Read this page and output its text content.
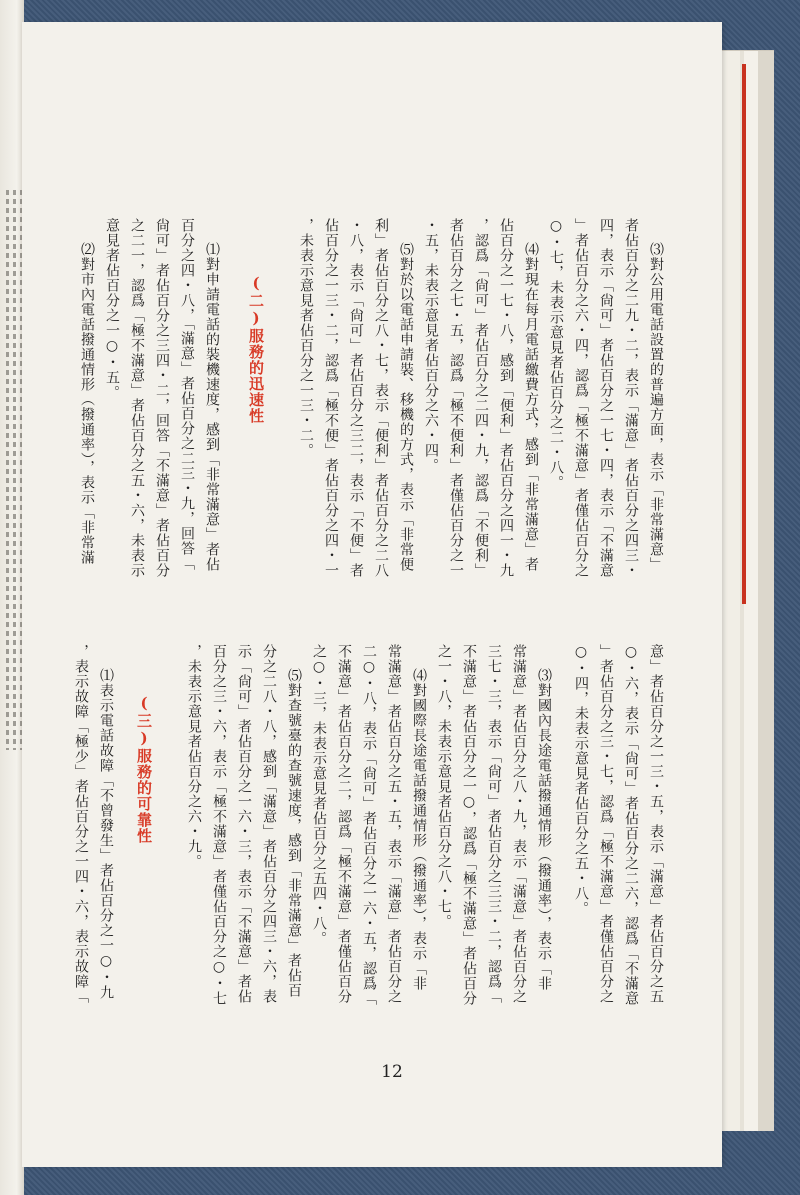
⑶對公用電話設置的普遍方面，表示「非常滿意」
者佔百分之二九・二，表示「滿意」者佔百分之四三・
四，表示「尙可」者佔百分之一七・四，表示「不滿意
」者佔百分之六・四，認爲「極不滿意」者僅佔百分之
○・七，未表示意見者佔百分之二・八。
⑷對現在每月電話繳費方式，感到「非常滿意」者
佔百分之一七・八，感到「便利」者佔百分之四一・九
，認爲「尙可」者佔百分之二四・九，認爲「不便利」
者佔百分之七・五，認爲「極不便利」者僅佔百分之一
・五，未表示意見者佔百分之六・四。
⑸對於以電話申請裝、移機的方式，表示「非常便
利」者佔百分之八・七，表示「便利」者佔百分之二八
・八，表示「尙可」者佔百分之三二，表示「不便」者
佔百分之一三・二，認爲「極不便」者佔百分之四・一
，未表示意見者佔百分之一三・二。
(二)服務的迅速性
⑴對申請電話的裝機速度，感到「非常滿意」者佔
百分之四・八，「滿意」者佔百分之二三・九，回答「
尙可」者佔百分之三四・二，回答「不滿意」者佔百分
之二一，認爲「極不滿意」者佔百分之五・六，未表示
意見者佔百分之一○・五。
⑵對市內電話撥通情形（撥通率），表示「非常滿
意」者佔百分之一三・五，表示「滿意」者佔百分之五
○・六，表示「尙可」者佔百分之二六，認爲「不滿意
」者佔百分之三・七，認爲「極不滿意」者僅佔百分之
○・四，未表示意見者佔百分之五・八。
⑶對國內長途電話撥通情形（撥通率），表示「非
常滿意」者佔百分之八・九，表示「滿意」者佔百分之
三七・三，表示「尙可」者佔百分之三三・二，認爲「
不滿意」者佔百分之一○，認爲「極不滿意」者佔百分
之一・八，未表示意見者佔百分之八・七。
⑷對國際長途電話撥通情形（撥通率），表示「非
常滿意」者佔百分之五・五，表示「滿意」者佔百分之
二○・八，表示「尙可」者佔百分之一六・五，認爲「
不滿意」者佔百分之二，認爲「極不滿意」者僅佔百分
之○・三，未表示意見者佔百分之五四・八。
⑸對查號臺的查號速度，感到「非常滿意」者佔百
分之二八・八，感到「滿意」者佔百分之四三・六，表
示「尙可」者佔百分之一六・三，表示「不滿意」者佔
百分之三・六，表示「極不滿意」者僅佔百分之○・七
，未表示意見者佔百分之六・九。
(三)服務的可靠性
⑴表示電話故障「不曾發生」者佔百分之一○・九
，表示故障「極少」者佔百分之一四・六，表示故障「
12
